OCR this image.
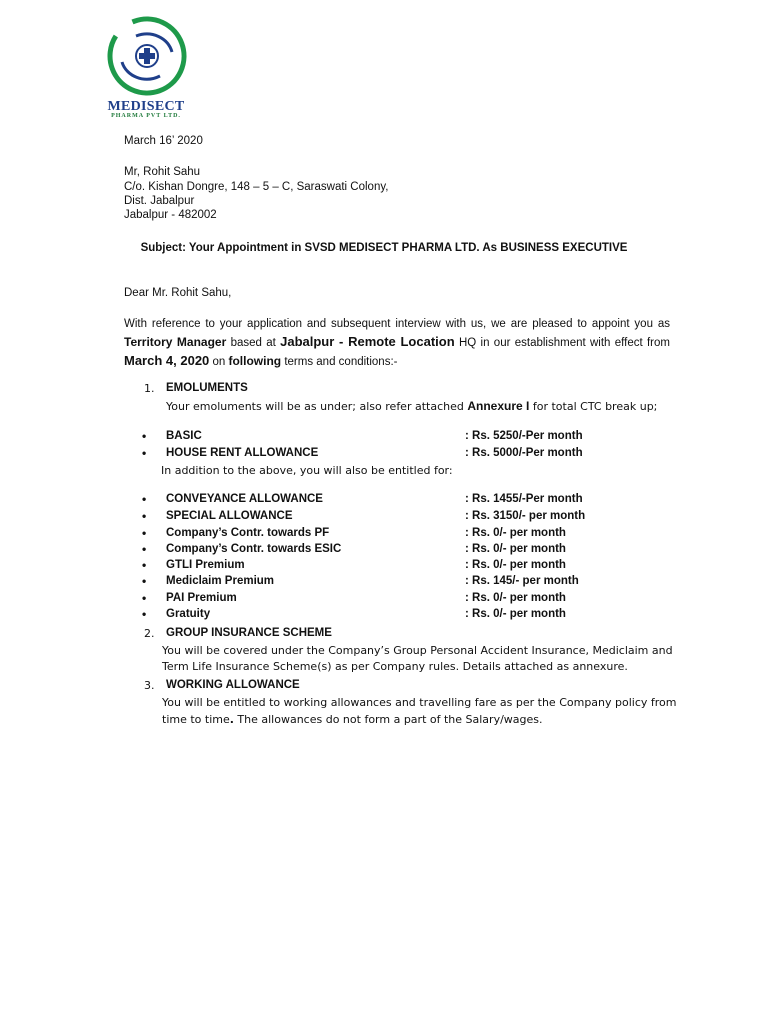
MEDISECT
PHARMA PVT LTD.
March 16’ 2020
Mr, Rohit Sahu
C/o. Kishan Dongre, 148 – 5 – C, Saraswati Colony,
Dist. Jabalpur
Jabalpur - 482002
Subject: Your Appointment in SVSD MEDISECT PHARMA LTD. As BUSINESS EXECUTIVE
Dear Mr. Rohit Sahu,
With reference to your application and subsequent interview with us, we are pleased to appoint you as Territory Manager based at Jabalpur - Remote Location HQ in our establishment with effect from March 4, 2020 on following terms and conditions:-
1. EMOLUMENTS
Your emoluments will be as under; also refer attached Annexure I for total CTC break up;
• BASIC	: Rs. 5250/-Per month
• HOUSE RENT ALLOWANCE	: Rs. 5000/-Per month
In addition to the above, you will also be entitled for:
• CONVEYANCE ALLOWANCE	: Rs. 1455/-Per month
• SPECIAL ALLOWANCE	: Rs. 3150/- per month
• Company’s Contr. towards PF	: Rs. 0/- per month
• Company’s Contr. towards ESIC	: Rs. 0/- per month
• GTLI Premium	: Rs. 0/- per month
• Mediclaim Premium	: Rs. 145/- per month
• PAI Premium	: Rs. 0/- per month
• Gratuity	: Rs. 0/- per month
2. GROUP INSURANCE SCHEME
You will be covered under the Company’s Group Personal Accident Insurance, Mediclaim and
Term Life Insurance Scheme(s) as per Company rules. Details attached as annexure.
3. WORKING ALLOWANCE
You will be entitled to working allowances and travelling fare as per the Company policy from
time to time. The allowances do not form a part of the Salary/wages.
